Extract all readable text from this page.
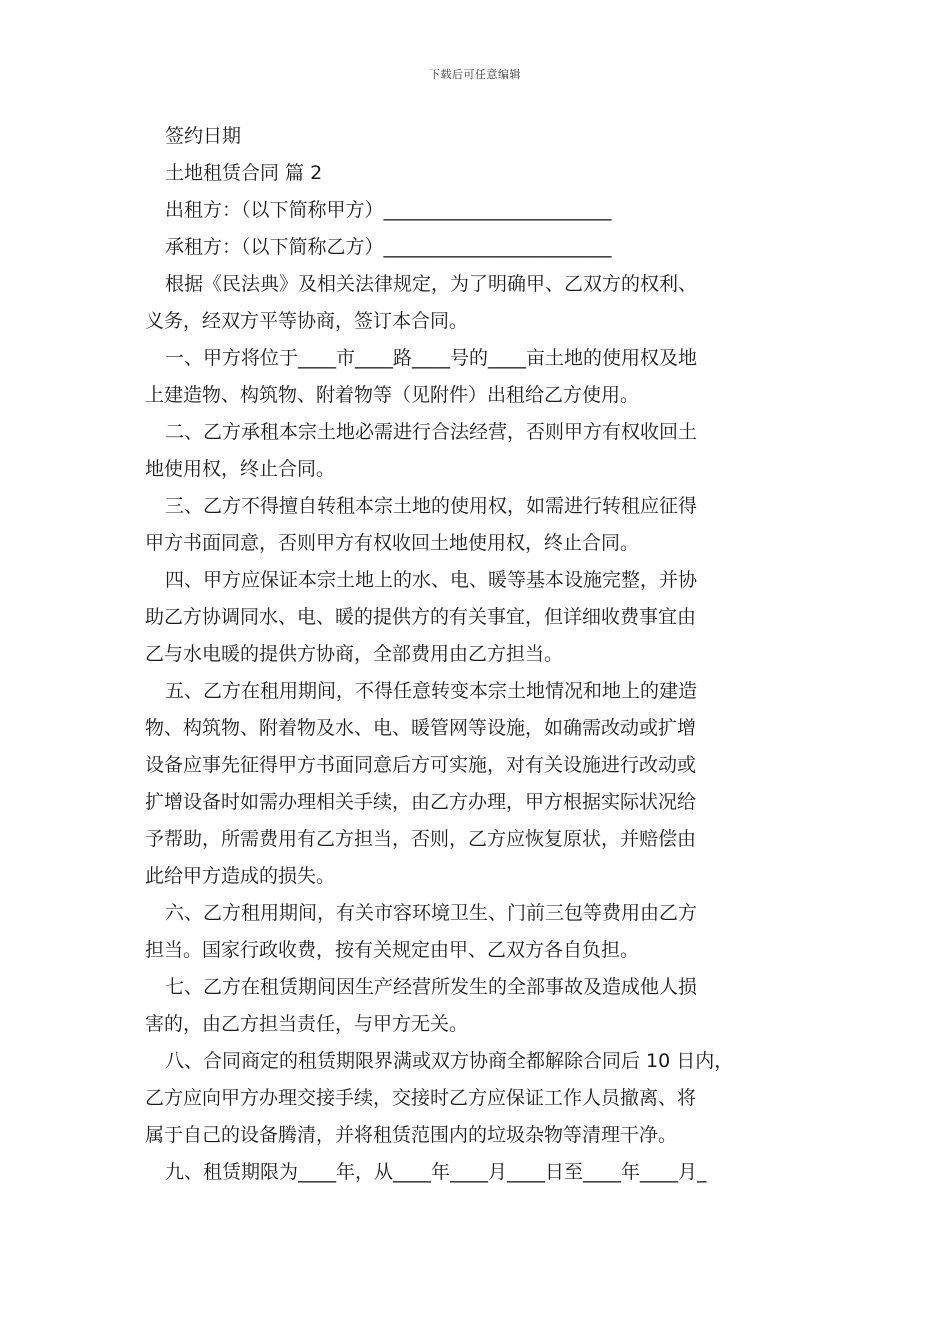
下载后可任意编辑

签约日期

土地租赁合同 篇 2

出租方：（以下简称甲方）________________________

承租方：（以下简称乙方）________________________

根据《民法典》及相关法律规定，为了明确甲、乙双方的权利、

义务，经双方平等协商，签订本合同。

一、甲方将位于____市____路____号的____亩土地的使用权及地

上建造物、构筑物、附着物等（见附件）出租给乙方使用。

二、乙方承租本宗土地必需进行合法经营，否则甲方有权收回土

地使用权，终止合同。

三、乙方不得擅自转租本宗土地的使用权，如需进行转租应征得

甲方书面同意，否则甲方有权收回土地使用权，终止合同。

四、甲方应保证本宗土地上的水、电、暖等基本设施完整，并协

助乙方协调同水、电、暖的提供方的有关事宜，但详细收费事宜由

乙与水电暖的提供方协商，全部费用由乙方担当。

五、乙方在租用期间，不得任意转变本宗土地情况和地上的建造

物、构筑物、附着物及水、电、暖管网等设施，如确需改动或扩增

设备应事先征得甲方书面同意后方可实施，对有关设施进行改动或

扩增设备时如需办理相关手续，由乙方办理，甲方根据实际状况给

予帮助，所需费用有乙方担当，否则，乙方应恢复原状，并赔偿由

此给甲方造成的损失。

六、乙方租用期间，有关市容环境卫生、门前三包等费用由乙方

担当。国家行政收费，按有关规定由甲、乙双方各自负担。

七、乙方在租赁期间因生产经营所发生的全部事故及造成他人损

害的，由乙方担当责任，与甲方无关。

八、合同商定的租赁期限界满或双方协商全都解除合同后 10 日内，

乙方应向甲方办理交接手续，交接时乙方应保证工作人员撤离、将

属于自己的设备腾清，并将租赁范围内的垃圾杂物等清理干净。

九、租赁期限为____年，从____年____月____日至____年____月_
